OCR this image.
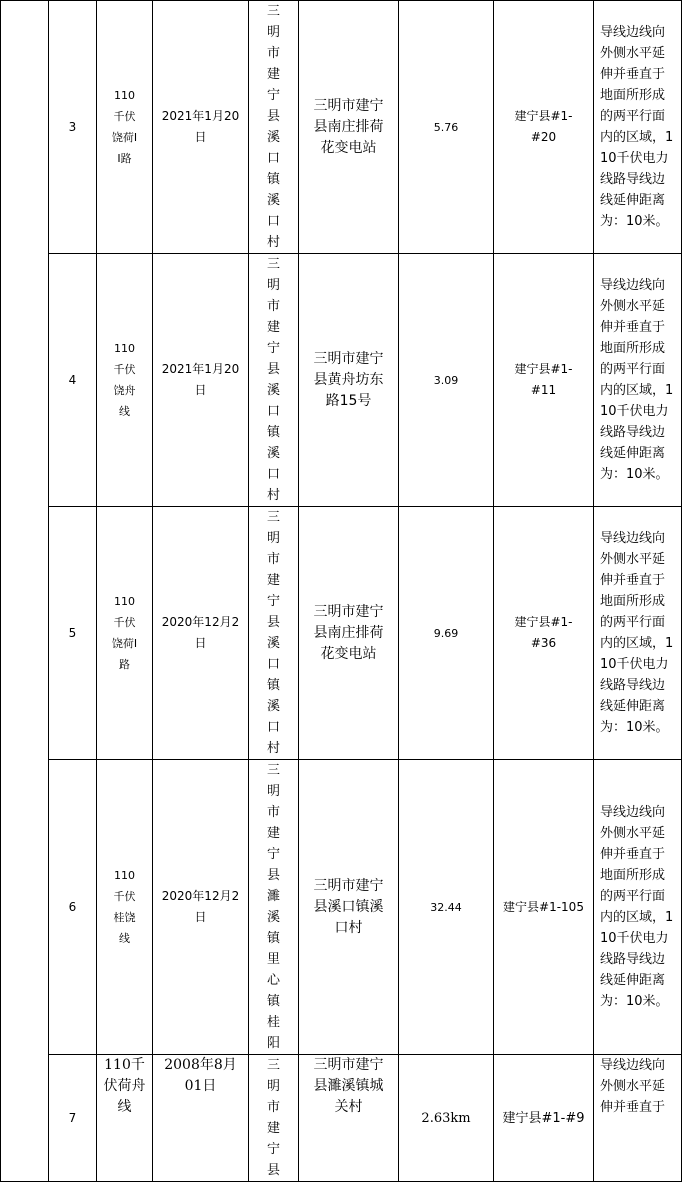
	3	110千伏饶荷II路	2021年1月20日	三明市建宁县溪口镇溪口村	三明市建宁县南庄排荷花变电站	5.76	建宁县#1-#20	导线边线向外侧水平延伸并垂直于地面所形成的两平行面内的区域，110千伏电力线路导线边线延伸距离为：10米。

	4	110千伏饶舟线	2021年1月20日	三明市建宁县溪口镇溪口村	三明市建宁县黄舟坊东路15号	3.09	建宁县#1-#11	导线边线向外侧水平延伸并垂直于地面所形成的两平行面内的区域，110千伏电力线路导线边线延伸距离为：10米。

	5	110千伏饶荷I路	2020年12月2日	三明市建宁县溪口镇溪口村	三明市建宁县南庄排荷花变电站	9.69	建宁县#1-#36	导线边线向外侧水平延伸并垂直于地面所形成的两平行面内的区域，110千伏电力线路导线边线延伸距离为：10米。

	6	110千伏桂饶线	2020年12月2日	三明市建宁县濉溪镇里心镇桂阳	三明市建宁县溪口镇溪口村	32.44	建宁县#1-105	导线边线向外侧水平延伸并垂直于地面所形成的两平行面内的区域，110千伏电力线路导线边线延伸距离为：10米。

	7	110千伏荷舟线	2008年8月01日	三明市建宁县	三明市建宁县濉溪镇城关村	2.63km	建宁县#1-#9	导线边线向外侧水平延伸并垂直于
